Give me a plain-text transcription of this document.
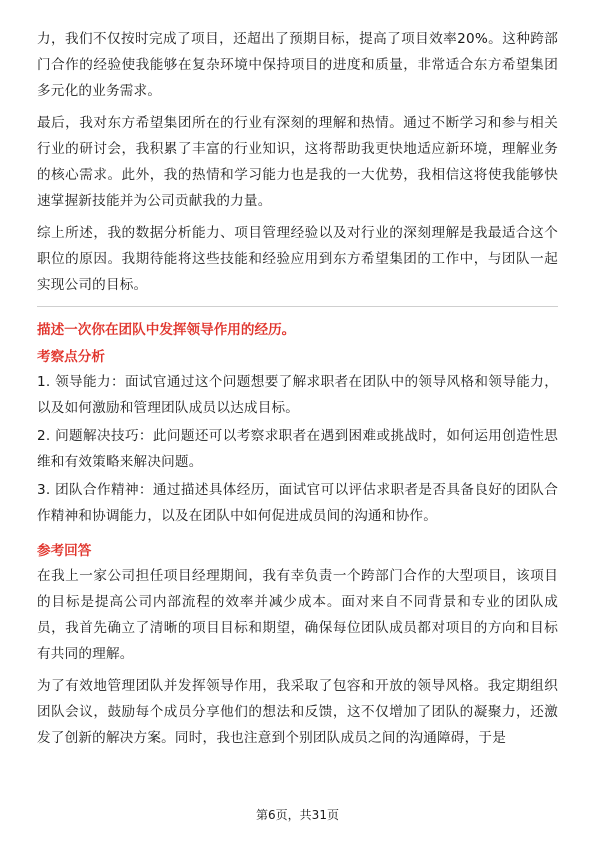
力，我们不仅按时完成了项目，还超出了预期目标，提高了项目效率20%。这种跨部门合作的经验使我能够在复杂环境中保持项目的进度和质量，非常适合东方希望集团多元化的业务需求。

最后，我对东方希望集团所在的行业有深刻的理解和热情。通过不断学习和参与相关行业的研讨会，我积累了丰富的行业知识，这将帮助我更快地适应新环境，理解业务的核心需求。此外，我的热情和学习能力也是我的一大优势，我相信这将使我能够快速掌握新技能并为公司贡献我的力量。

综上所述，我的数据分析能力、项目管理经验以及对行业的深刻理解是我最适合这个职位的原因。我期待能将这些技能和经验应用到东方希望集团的工作中，与团队一起实现公司的目标。

描述一次你在团队中发挥领导作用的经历。

考察点分析

1. 领导能力：面试官通过这个问题想要了解求职者在团队中的领导风格和领导能力，以及如何激励和管理团队成员以达成目标。

2. 问题解决技巧：此问题还可以考察求职者在遇到困难或挑战时，如何运用创造性思维和有效策略来解决问题。

3. 团队合作精神：通过描述具体经历，面试官可以评估求职者是否具备良好的团队合作精神和协调能力，以及在团队中如何促进成员间的沟通和协作。

参考回答

在我上一家公司担任项目经理期间，我有幸负责一个跨部门合作的大型项目，该项目的目标是提高公司内部流程的效率并减少成本。面对来自不同背景和专业的团队成员，我首先确立了清晰的项目目标和期望，确保每位团队成员都对项目的方向和目标有共同的理解。

为了有效地管理团队并发挥领导作用，我采取了包容和开放的领导风格。我定期组织团队会议，鼓励每个成员分享他们的想法和反馈，这不仅增加了团队的凝聚力，还激发了创新的解决方案。同时，我也注意到个别团队成员之间的沟通障碍，于是

第6页，共31页
